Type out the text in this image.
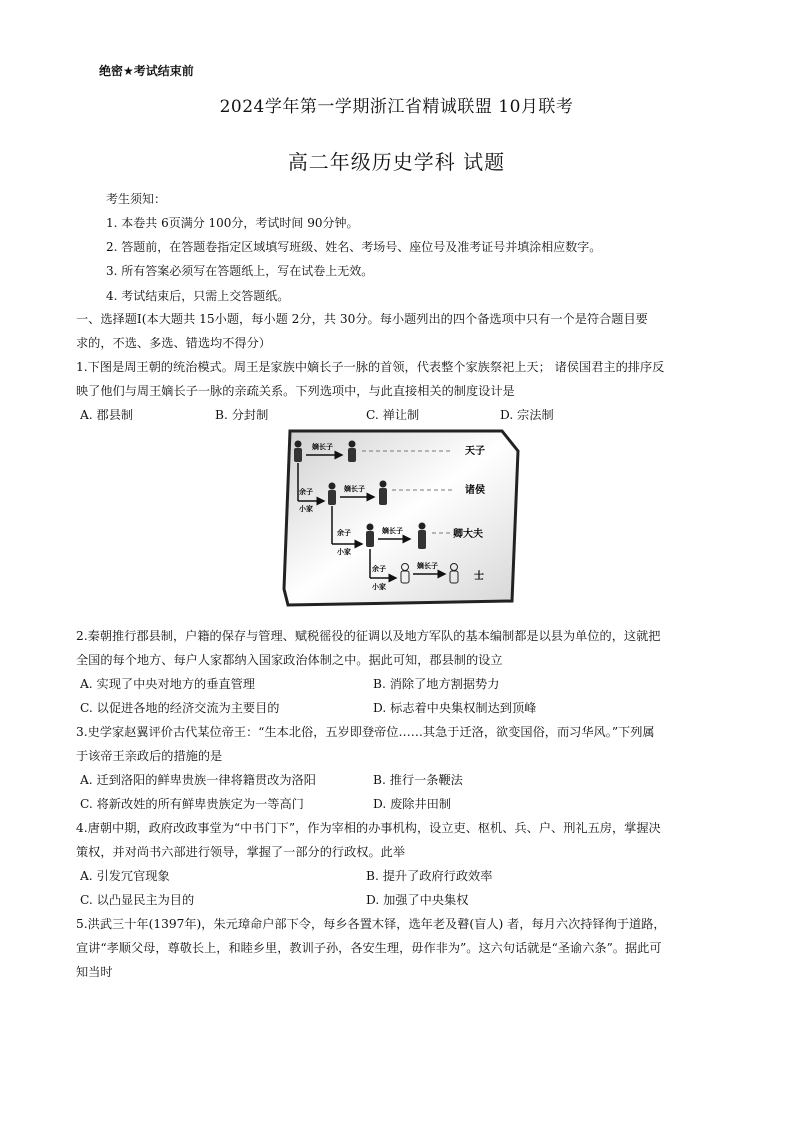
绝密★考试结束前
2024学年第一学期浙江省精诚联盟 10月联考
高二年级历史学科 试题
考生须知：
1. 本卷共 6页满分 100分，考试时间 90分钟。
2. 答题前，在答题卷指定区域填写班级、姓名、考场号、座位号及准考证号并填涂相应数字。
3. 所有答案必须写在答题纸上，写在试卷上无效。
4. 考试结束后，只需上交答题纸。
一、选择题Ⅰ(本大题共 15小题，每小题 2分，共 30分。每小题列出的四个备选项中只有一个是符合题目要
求的，不选、多选、错选均不得分）
1.下图是周王朝的统治模式。周王是家族中嫡长子一脉的首领，代表整个家族祭祀上天； 诸侯国君主的排序反
映了他们与周王嫡长子一脉的亲疏关系。下列选项中，与此直接相关的制度设计是
A. 郡县制	B. 分封制	C. 禅让制	D. 宗法制
嫡长子	天子
余子
小家
嫡长子	诸侯
余子
小家
嫡长子	卿大夫
余子
小家
嫡长子
士
2.秦朝推行郡县制，户籍的保存与管理、赋税徭役的征调以及地方军队的基本编制都是以县为单位的，这就把
全国的每个地方、每户人家都纳入国家政治体制之中。据此可知，郡县制的设立
A. 实现了中央对地方的垂直管理	B. 消除了地方割据势力
C. 以促进各地的经济交流为主要目的	D. 标志着中央集权制达到顶峰
3.史学家赵翼评价古代某位帝王：“生本北俗，五岁即登帝位……其急于迁洛，欲变国俗，而习华风。”下列属
于该帝王亲政后的措施的是
A. 迁到洛阳的鲜卑贵族一律将籍贯改为洛阳	B. 推行一条鞭法
C. 将新改姓的所有鲜卑贵族定为一等高门	D. 废除井田制
4.唐朝中期，政府改政事堂为“中书门下”，作为宰相的办事机构，设立吏、枢机、兵、户、刑礼五房，掌握决
策权，并对尚书六部进行领导，掌握了一部分的行政权。此举
A. 引发冗官现象	B. 提升了政府行政效率
C. 以凸显民主为目的	D. 加强了中央集权
5.洪武三十年(1397年)，朱元璋命户部下令，每乡各置木铎，选年老及瞽(盲人) 者，每月六次持铎徇于道路，
宣讲“孝顺父母，尊敬长上，和睦乡里，教训子孙，各安生理，毋作非为”。这六句话就是“圣谕六条”。据此可
知当时
